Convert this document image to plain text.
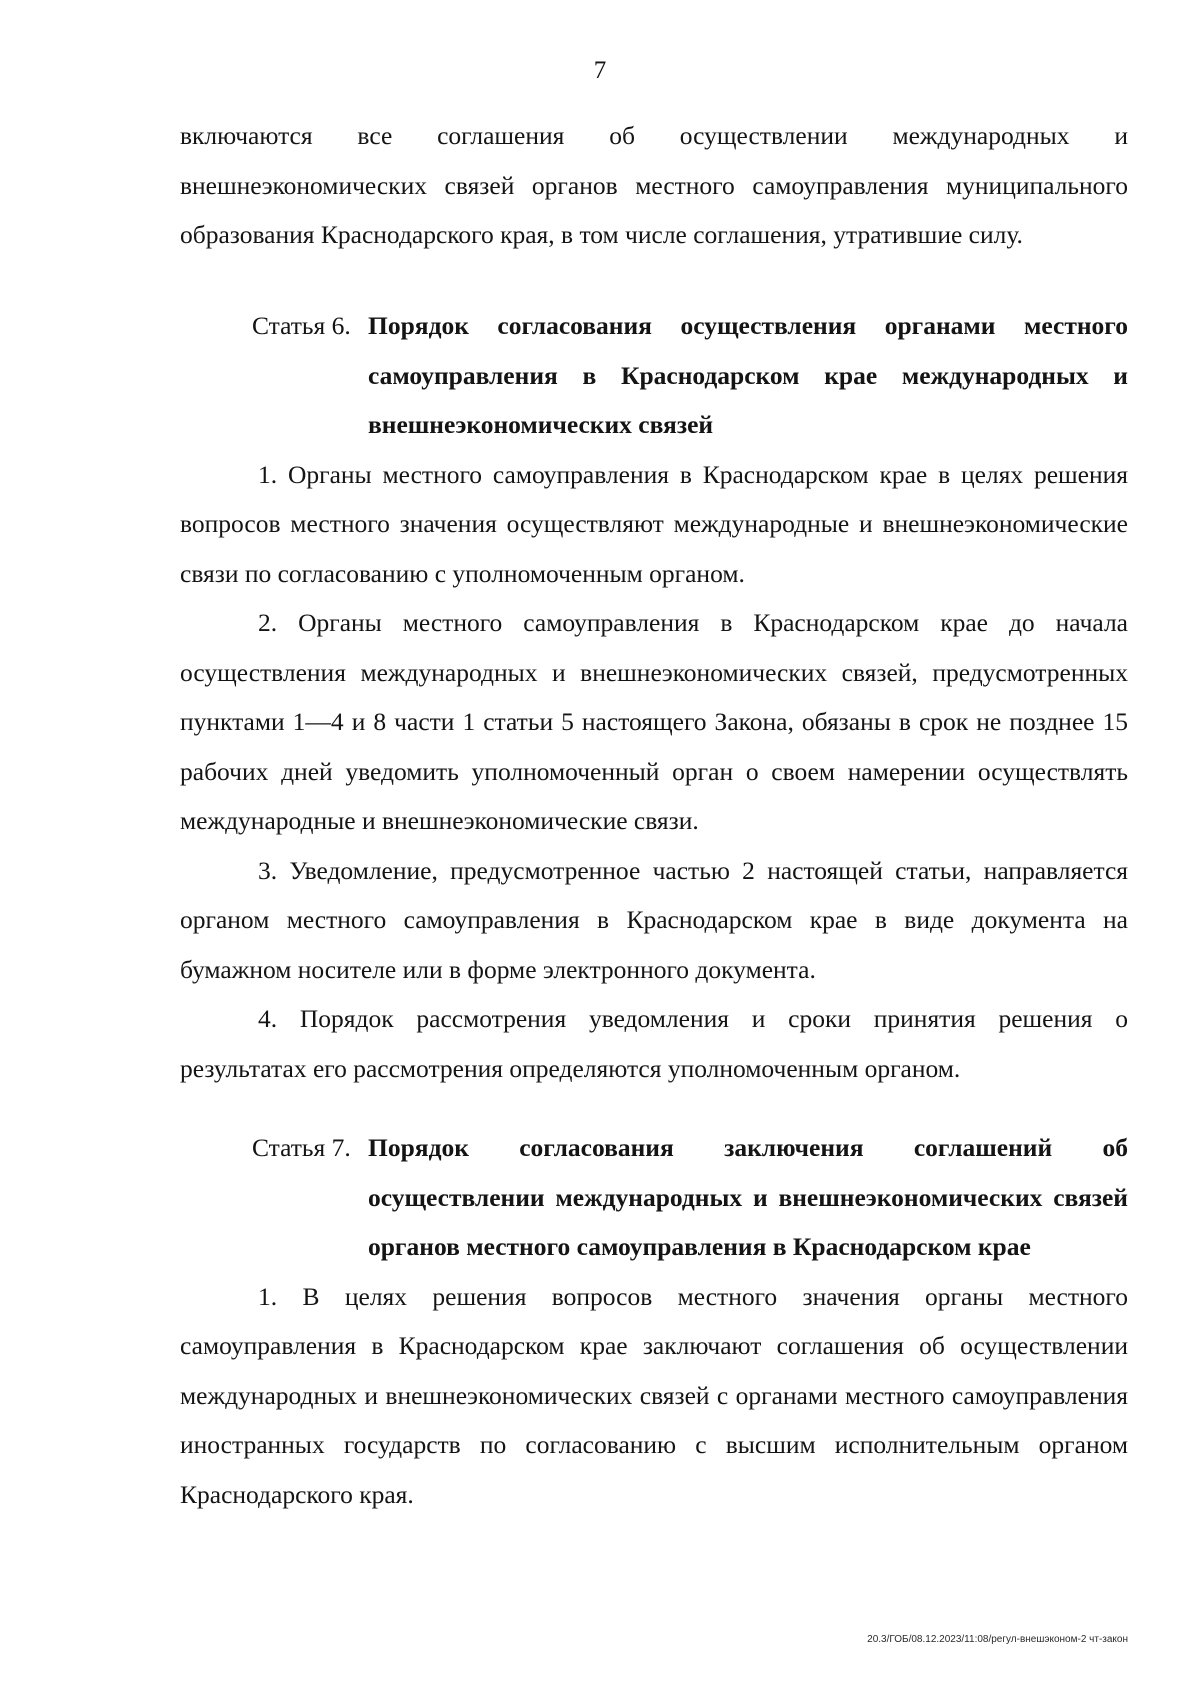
7

включаются все соглашения об осуществлении международных и внешнеэкономических связей органов местного самоуправления муниципального образования Краснодарского края, в том числе соглашения, утратившие силу.

Статья 6. Порядок согласования осуществления органами местного самоуправления в Краснодарском крае международных и внешнеэкономических связей

1. Органы местного самоуправления в Краснодарском крае в целях решения вопросов местного значения осуществляют международные и внешнеэкономические связи по согласованию с уполномоченным органом.

2. Органы местного самоуправления в Краснодарском крае до начала осуществления международных и внешнеэкономических связей, предусмотренных пунктами 1—4 и 8 части 1 статьи 5 настоящего Закона, обязаны в срок не позднее 15 рабочих дней уведомить уполномоченный орган о своем намерении осуществлять международные и внешнеэкономические связи.

3. Уведомление, предусмотренное частью 2 настоящей статьи, направляется органом местного самоуправления в Краснодарском крае в виде документа на бумажном носителе или в форме электронного документа.

4. Порядок рассмотрения уведомления и сроки принятия решения о результатах его рассмотрения определяются уполномоченным органом.

Статья 7. Порядок согласования заключения соглашений об осуществлении международных и внешнеэкономических связей органов местного самоуправления в Краснодарском крае

1. В целях решения вопросов местного значения органы местного самоуправления в Краснодарском крае заключают соглашения об осуществлении международных и внешнеэкономических связей с органами местного самоуправления иностранных государств по согласованию с высшим исполнительным органом Краснодарского края.

20.3/ГОБ/08.12.2023/11:08/регул-внешэконом-2 чт-закон
